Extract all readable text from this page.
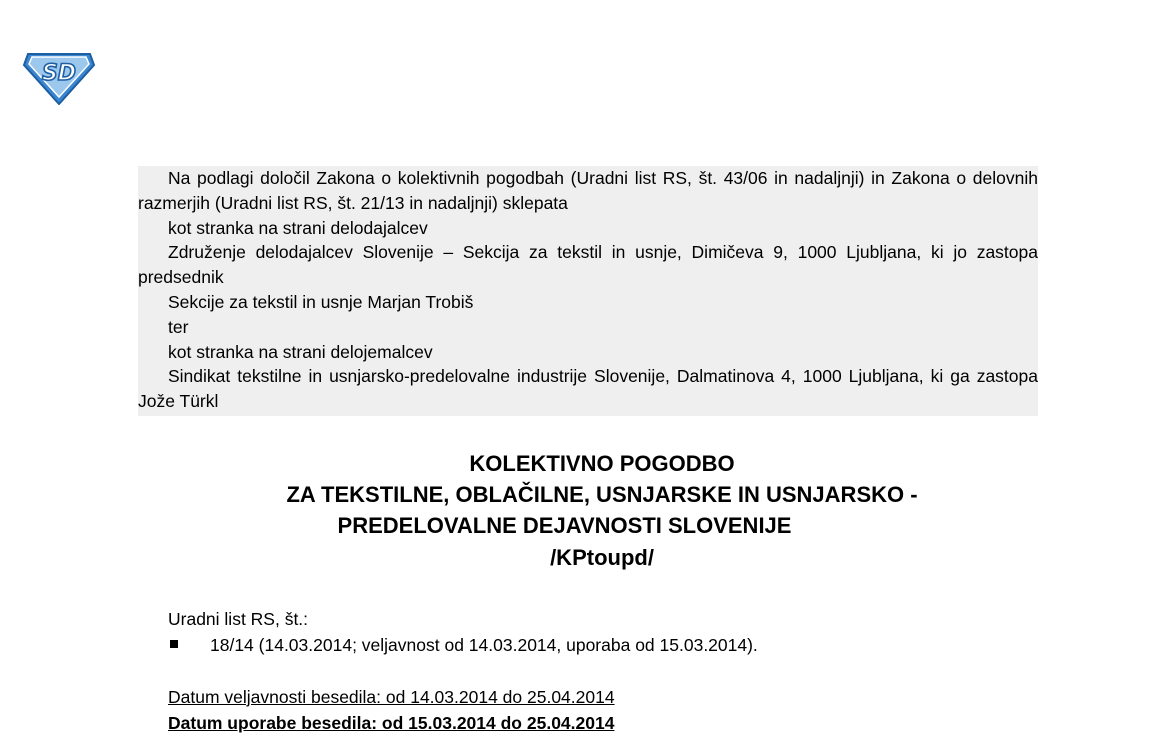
SD

Na podlagi določil Zakona o kolektivnih pogodbah (Uradni list RS, št. 43/06 in nadaljnji) in Zakona o delovnih razmerjih (Uradni list RS, št. 21/13 in nadaljnji) sklepata

kot stranka na strani delodajalcev

Združenje delodajalcev Slovenije – Sekcija za tekstil in usnje, Dimičeva 9, 1000 Ljubljana, ki jo zastopa predsednik

Sekcije za tekstil in usnje Marjan Trobiš

ter

kot stranka na strani delojemalcev

Sindikat tekstilne in usnjarsko-predelovalne industrije Slovenije, Dalmatinova 4, 1000 Ljubljana, ki ga zastopa Jože Türkl

KOLEKTIVNO POGODBO
ZA TEKSTILNE, OBLAČILNE, USNJARSKE IN USNJARSKO -
PREDELOVALNE DEJAVNOSTI SLOVENIJE
/KPtoupd/
Uradni list RS, št.:
18/14 (14.03.2014; veljavnost od 14.03.2014, uporaba od 15.03.2014).
Datum veljavnosti besedila: od 14.03.2014 do 25.04.2014
Datum uporabe besedila: od 15.03.2014 do 25.04.2014
